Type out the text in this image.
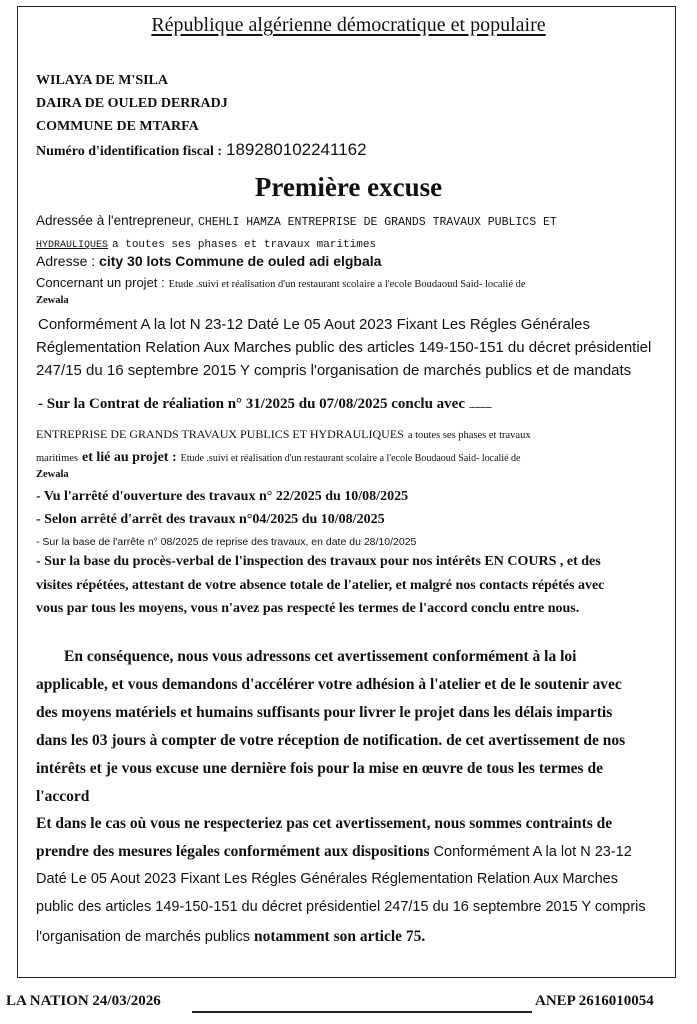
République algérienne démocratique et populaire
WILAYA DE M'SILA
DAIRA DE OULED DERRADJ
COMMUNE DE MTARFA
Numéro d'identification fiscal : 189280102241162
Première excuse
Adressée à l'entrepreneur, CHEHLI HAMZA ENTREPRISE DE GRANDS TRAVAUX PUBLICS ET
HYDRAULIQUES a toutes ses phases et travaux maritimes
Adresse : city 30 lots Commune de ouled adi elgbala
Concernant un projet : Etude .suivi et réalisation d'un restaurant scolaire a l'ecole Boudaoud Said- localié de
Zewala
Conformément A la lot N 23-12 Daté Le 05 Aout 2023 Fixant Les Régles Générales
Réglementation Relation Aux Marches public des articles 149-150-151 du décret présidentiel
247/15 du 16 septembre 2015 Y compris l'organisation de marchés publics et de mandats
- Sur la Contrat de réaliation n° 31/2025 du 07/08/2025 conclu avec ..................
ENTREPRISE DE GRANDS TRAVAUX PUBLICS ET HYDRAULIQUES a toutes ses phases et travaux
maritimes et lié au projet : Etude .suivi et réalisation d'un restaurant scolaire a l'ecole Boudaoud Said- localié de
Zewala
- Vu l'arrêté d'ouverture des travaux n° 22/2025 du 10/08/2025
- Selon arrêté d'arrêt des travaux n°04/2025 du 10/08/2025
- Sur la base de l'arrête n° 08/2025 de reprise des travaux, en date du 28/10/2025
- Sur la base du procès-verbal de l'inspection des travaux pour nos intérêts EN COURS , et des
visites répétées, attestant de votre absence totale de l'atelier, et malgré nos contacts répétés avec
vous par tous les moyens, vous n'avez pas respecté les termes de l'accord conclu entre nous.
En conséquence, nous vous adressons cet avertissement conformément à la loi
applicable, et vous demandons d'accélérer votre adhésion à l'atelier et de le soutenir avec
des moyens matériels et humains suffisants pour livrer le projet dans les délais impartis
dans les 03 jours à compter de votre réception de notification. de cet avertissement de nos
intérêts et je vous excuse une dernière fois pour la mise en œuvre de tous les termes de
l'accord
Et dans le cas où vous ne respecteriez pas cet avertissement, nous sommes contraints de
prendre des mesures légales conformément aux dispositions Conformément A la lot N 23-12
Daté Le 05 Aout 2023 Fixant Les Régles Générales Réglementation Relation Aux Marches
public des articles 149-150-151 du décret présidentiel 247/15 du 16 septembre 2015 Y compris
l'organisation de marchés publics notamment son article 75.
LA NATION 24/03/2026	ANEP 2616010054
